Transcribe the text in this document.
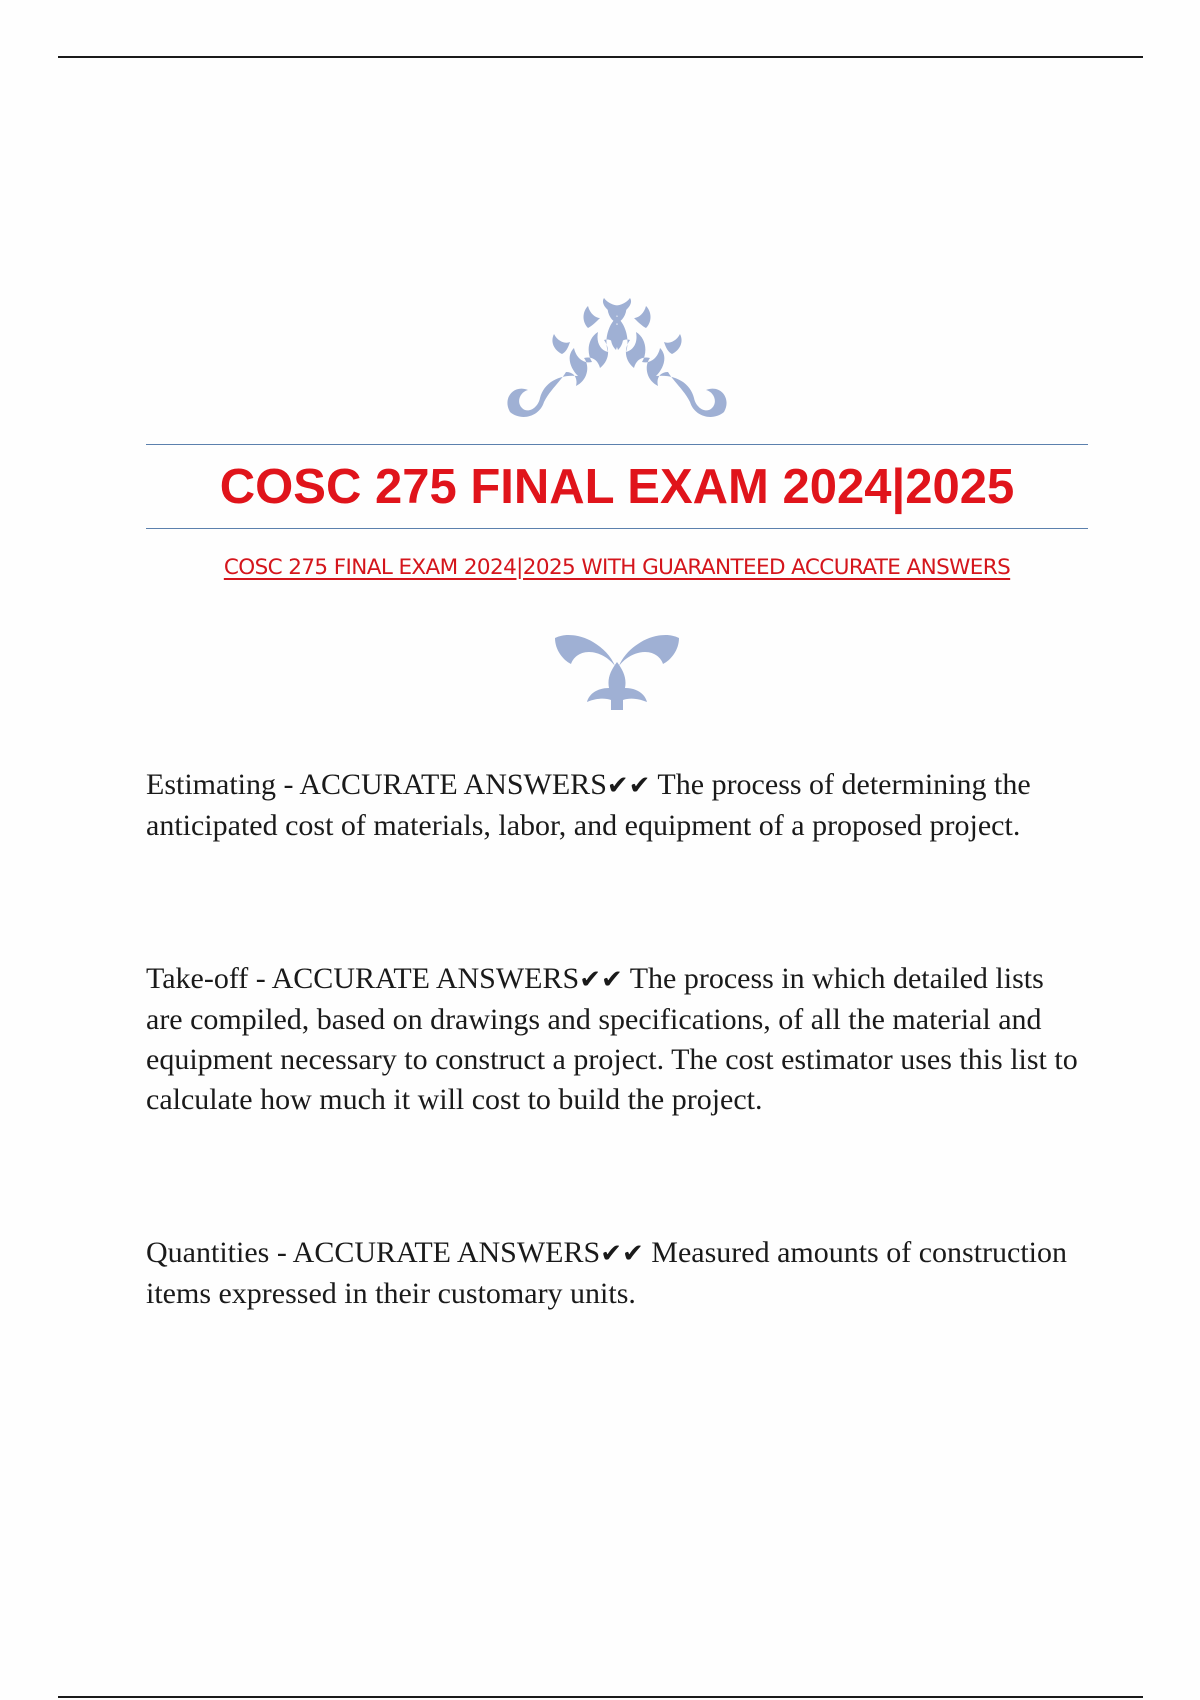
COSC 275 FINAL EXAM 2024|2025
COSC 275 FINAL EXAM 2024|2025 WITH GUARANTEED ACCURATE ANSWERS

Estimating - ACCURATE ANSWERS✔✔ The process of determining the anticipated cost of materials, labor, and equipment of a proposed project.

Take-off - ACCURATE ANSWERS✔✔ The process in which detailed lists are compiled, based on drawings and specifications, of all the material and equipment necessary to construct a project. The cost estimator uses this list to calculate how much it will cost to build the project.

Quantities - ACCURATE ANSWERS✔✔ Measured amounts of construction items expressed in their customary units.
